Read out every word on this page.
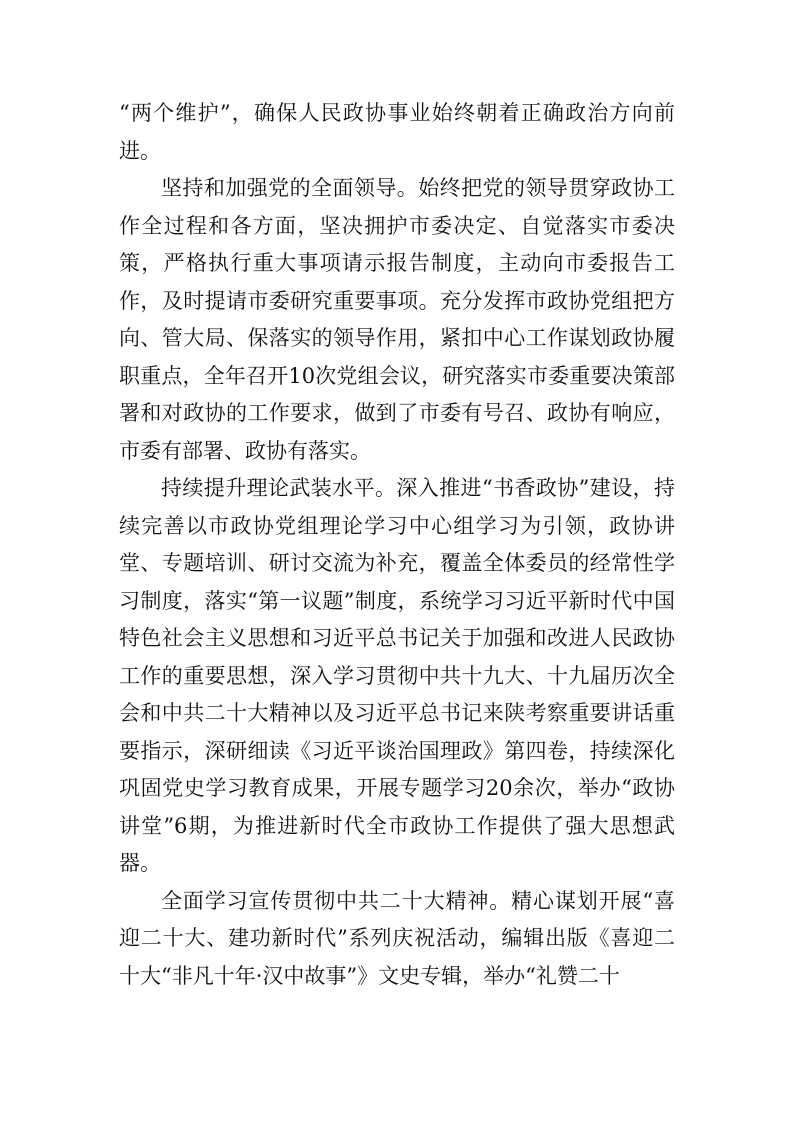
“两个维护”，确保人民政协事业始终朝着正确政治方向前进。

坚持和加强党的全面领导。始终把党的领导贯穿政协工作全过程和各方面，坚决拥护市委决定、自觉落实市委决策，严格执行重大事项请示报告制度，主动向市委报告工作，及时提请市委研究重要事项。充分发挥市政协党组把方向、管大局、保落实的领导作用，紧扣中心工作谋划政协履职重点，全年召开10次党组会议，研究落实市委重要决策部署和对政协的工作要求，做到了市委有号召、政协有响应，市委有部署、政协有落实。

持续提升理论武装水平。深入推进“书香政协”建设，持续完善以市政协党组理论学习中心组学习为引领，政协讲堂、专题培训、研讨交流为补充，覆盖全体委员的经常性学习制度，落实“第一议题”制度，系统学习习近平新时代中国特色社会主义思想和习近平总书记关于加强和改进人民政协工作的重要思想，深入学习贯彻中共十九大、十九届历次全会和中共二十大精神以及习近平总书记来陕考察重要讲话重要指示，深研细读《习近平谈治国理政》第四卷，持续深化巩固党史学习教育成果，开展专题学习20余次，举办“政协讲堂”6期，为推进新时代全市政协工作提供了强大思想武器。

全面学习宣传贯彻中共二十大精神。精心谋划开展“喜迎二十大、建功新时代”系列庆祝活动，编辑出版《喜迎二十大“非凡十年·汉中故事”》文史专辑，举办“礼赞二十
